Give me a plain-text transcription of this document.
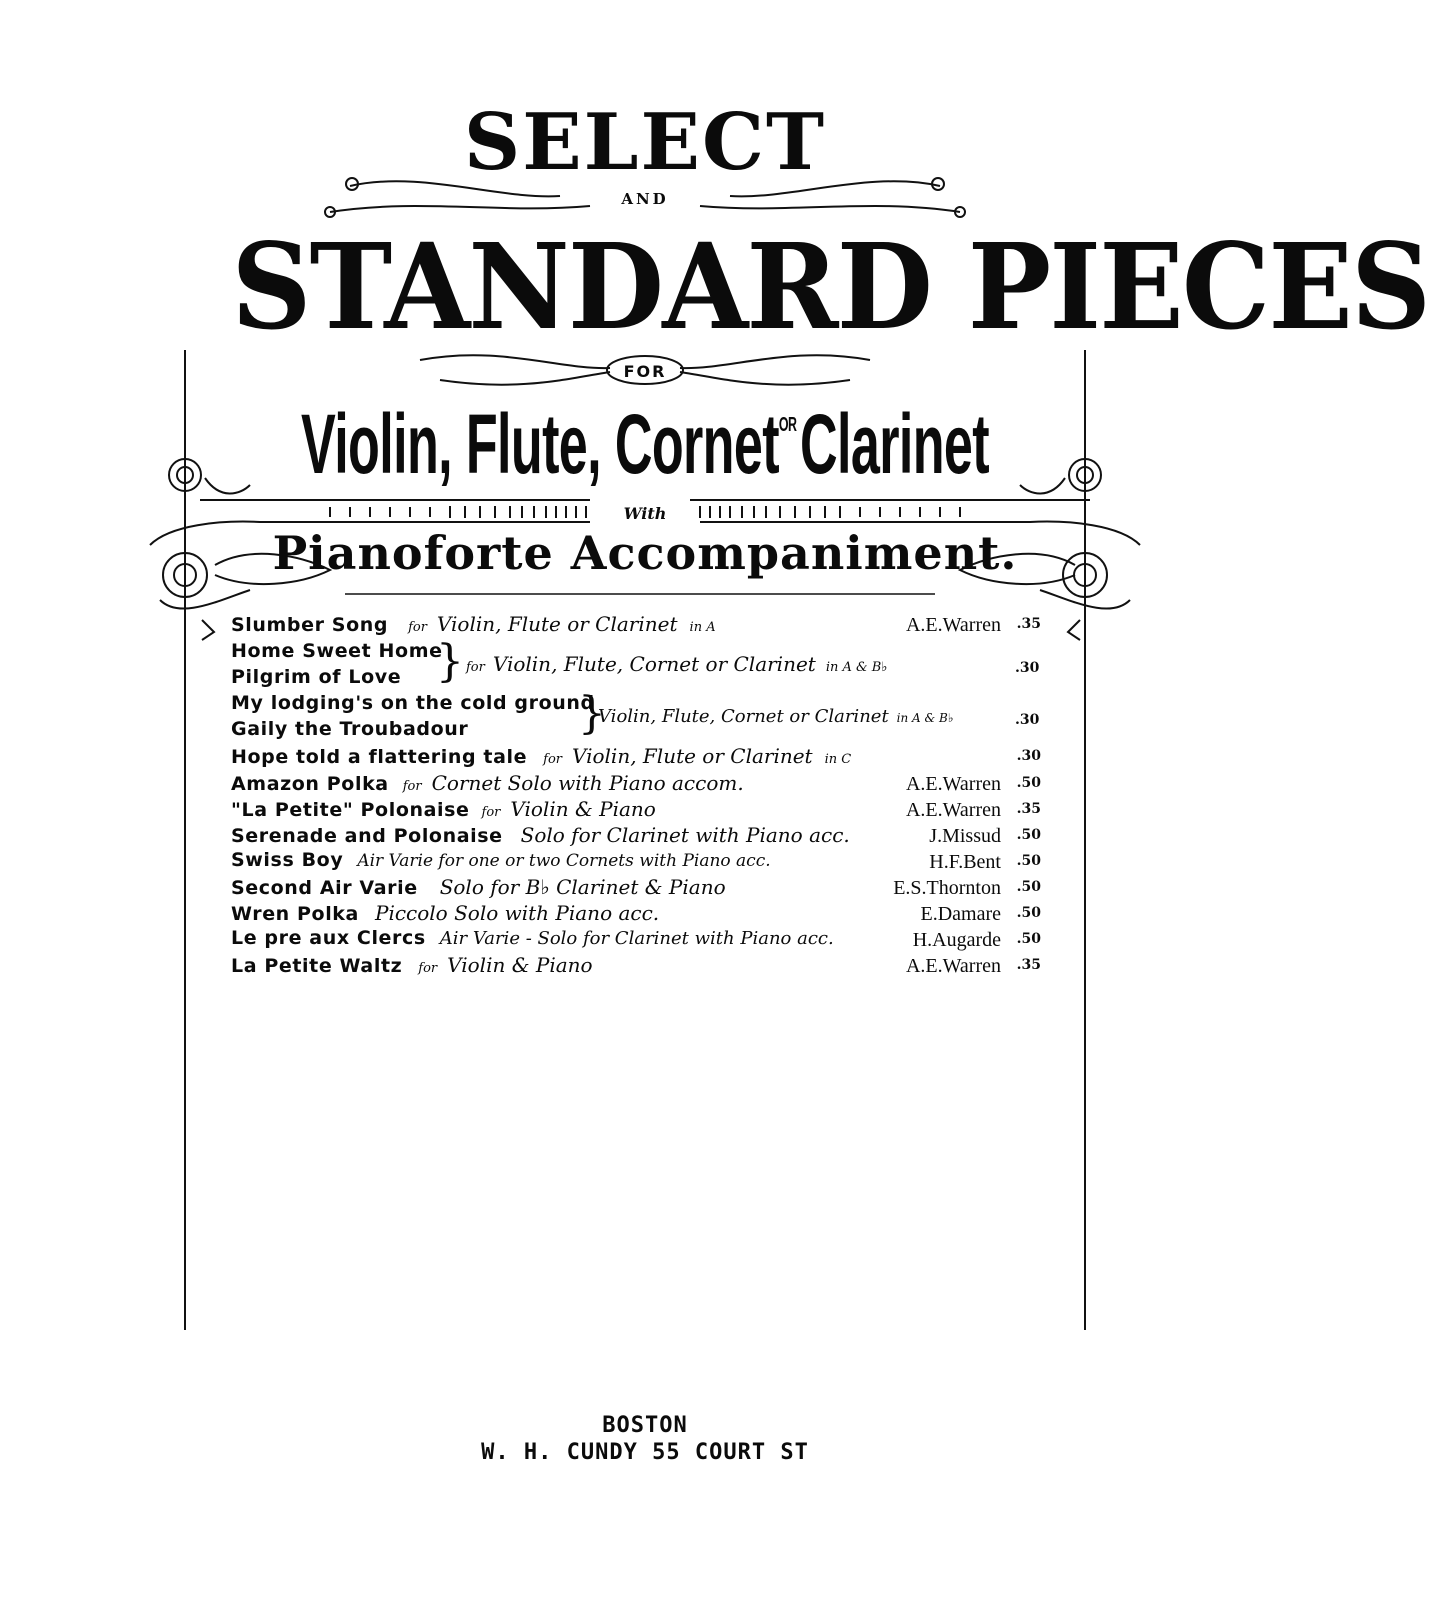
SELECT
AND
STANDARD PIECES
FOR
Violin, Flute, Cornet$^{OR}$ Clarinet
With
Pianoforte Accompaniment.
Slumber Song for Violin, Flute or Clarinet in A	A.E.Warren .35
Home Sweet Home
Pilgrim of Love } for Violin, Flute, Cornet or Clarinet in A & B♭	.30
My lodging's on the cold ground
Gaily the Troubadour }
Violin, Flute, Cornet or Clarinet in A & B♭	.30
Hope told a flattering tale for Violin, Flute or Clarinet in C	.30
Amazon Polka for Cornet Solo with Piano accom.	A.E.Warren .50
"La Petite" Polonaise for Violin & Piano	A.E.Warren .35
Serenade and Polonaise Solo for Clarinet with Piano acc.	J.Missud .50
Swiss Boy Air Varie for one or two Cornets with Piano acc.	H.F.Bent .50
Second Air Varie Solo for B♭ Clarinet & Piano	E.S.Thornton .50
Wren Polka Piccolo Solo with Piano acc.	E.Damare .50
Le pre aux Clercs Air Varie - Solo for Clarinet with Piano acc.	H.Augarde .50
La Petite Waltz for Violin & Piano	A.E.Warren .35
BOSTON
W. H. CUNDY 55 COURT ST
